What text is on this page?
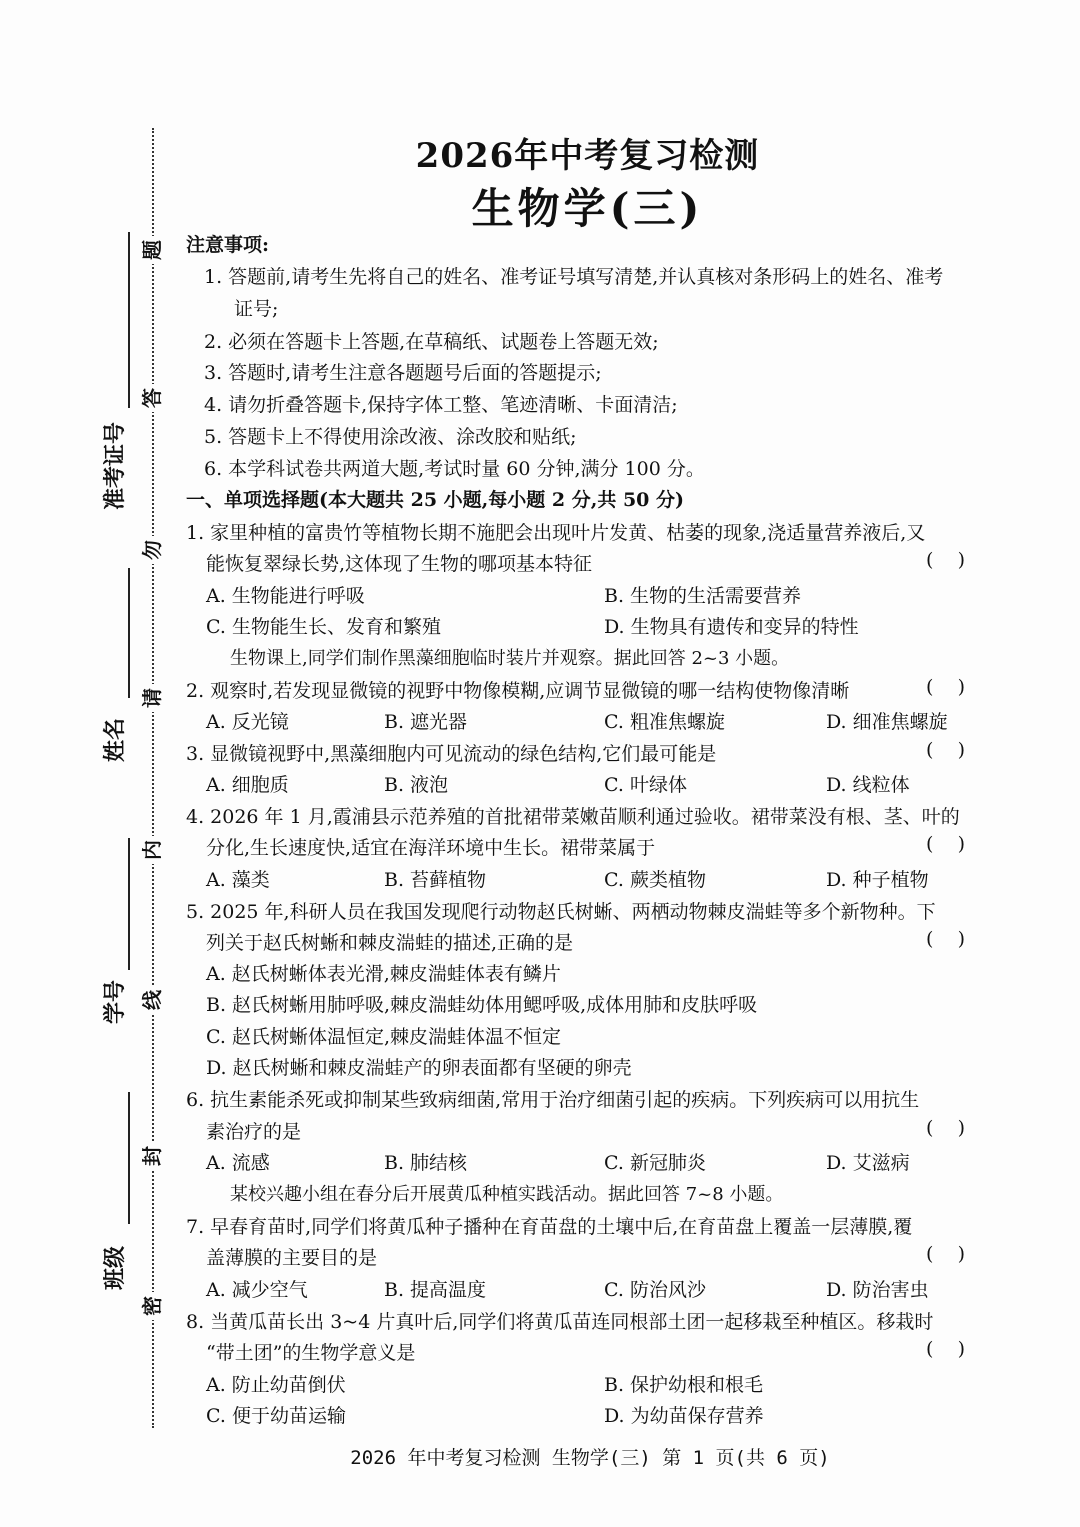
题
答
勿
请
内
线
封
密
准考证号
姓名
学号
班级
2026年中考复习检测
生物学(三)
注意事项:
1. 答题前,请考生先将自己的姓名、准考证号填写清楚,并认真核对条形码上的姓名、准考
证号;
2. 必须在答题卡上答题,在草稿纸、试题卷上答题无效;
3. 答题时,请考生注意各题题号后面的答题提示;
4. 请勿折叠答题卡,保持字体工整、笔迹清晰、卡面清洁;
5. 答题卡上不得使用涂改液、涂改胶和贴纸;
6. 本学科试卷共两道大题,考试时量 60 分钟,满分 100 分。
一、单项选择题(本大题共 25 小题,每小题 2 分,共 50 分)
1. 家里种植的富贵竹等植物长期不施肥会出现叶片发黄、枯萎的现象,浇适量营养液后,又
能恢复翠绿长势,这体现了生物的哪项基本特征	(    )
A. 生物能进行呼吸	B. 生物的生活需要营养
C. 生物能生长、发育和繁殖	D. 生物具有遗传和变异的特性
生物课上,同学们制作黑藻细胞临时装片并观察。据此回答 2~3 小题。
2. 观察时,若发现显微镜的视野中物像模糊,应调节显微镜的哪一结构使物像清晰	(    )
A. 反光镜	B. 遮光器	C. 粗准焦螺旋	D. 细准焦螺旋
3. 显微镜视野中,黑藻细胞内可见流动的绿色结构,它们最可能是	(    )
A. 细胞质	B. 液泡	C. 叶绿体	D. 线粒体
4. 2026 年 1 月,霞浦县示范养殖的首批裙带菜嫩苗顺利通过验收。裙带菜没有根、茎、叶的
分化,生长速度快,适宜在海洋环境中生长。裙带菜属于	(    )
A. 藻类	B. 苔藓植物	C. 蕨类植物	D. 种子植物
5. 2025 年,科研人员在我国发现爬行动物赵氏树蜥、两栖动物棘皮湍蛙等多个新物种。下
列关于赵氏树蜥和棘皮湍蛙的描述,正确的是	(    )
A. 赵氏树蜥体表光滑,棘皮湍蛙体表有鳞片
B. 赵氏树蜥用肺呼吸,棘皮湍蛙幼体用鳃呼吸,成体用肺和皮肤呼吸
C. 赵氏树蜥体温恒定,棘皮湍蛙体温不恒定
D. 赵氏树蜥和棘皮湍蛙产的卵表面都有坚硬的卵壳
6. 抗生素能杀死或抑制某些致病细菌,常用于治疗细菌引起的疾病。下列疾病可以用抗生
素治疗的是	(    )
A. 流感	B. 肺结核	C. 新冠肺炎	D. 艾滋病
某校兴趣小组在春分后开展黄瓜种植实践活动。据此回答 7~8 小题。
7. 早春育苗时,同学们将黄瓜种子播种在育苗盘的土壤中后,在育苗盘上覆盖一层薄膜,覆
盖薄膜的主要目的是	(    )
A. 减少空气	B. 提高温度	C. 防治风沙	D. 防治害虫
8. 当黄瓜苗长出 3~4 片真叶后,同学们将黄瓜苗连同根部土团一起移栽至种植区。移栽时
“带土团”的生物学意义是	(    )
A. 防止幼苗倒伏	B. 保护幼根和根毛
C. 便于幼苗运输	D. 为幼苗保存营养
2026 年中考复习检测 生物学(三) 第 1 页(共 6 页)
